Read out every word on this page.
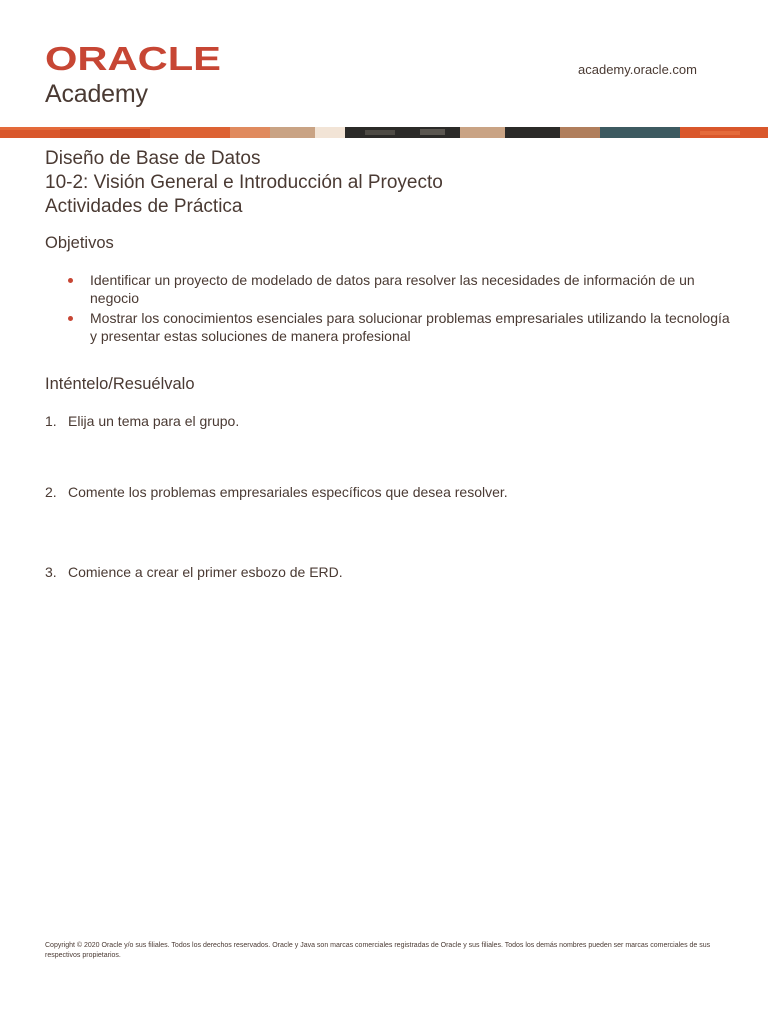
ORACLE
Academy
academy.oracle.com
Diseño de Base de Datos
10-2: Visión General e Introducción al Proyecto
Actividades de Práctica
Objetivos
Identificar un proyecto de modelado de datos para resolver las necesidades de información de un negocio
Mostrar los conocimientos esenciales para solucionar problemas empresariales utilizando la tecnología y presentar estas soluciones de manera profesional
Inténtelo/Resuélvalo
1. Elija un tema para el grupo.
2. Comente los problemas empresariales específicos que desea resolver.
3. Comience a crear el primer esbozo de ERD.
Copyright © 2020 Oracle y/o sus filiales. Todos los derechos reservados. Oracle y Java son marcas comerciales registradas de Oracle y sus filiales. Todos los demás nombres pueden ser marcas comerciales de sus respectivos propietarios.
